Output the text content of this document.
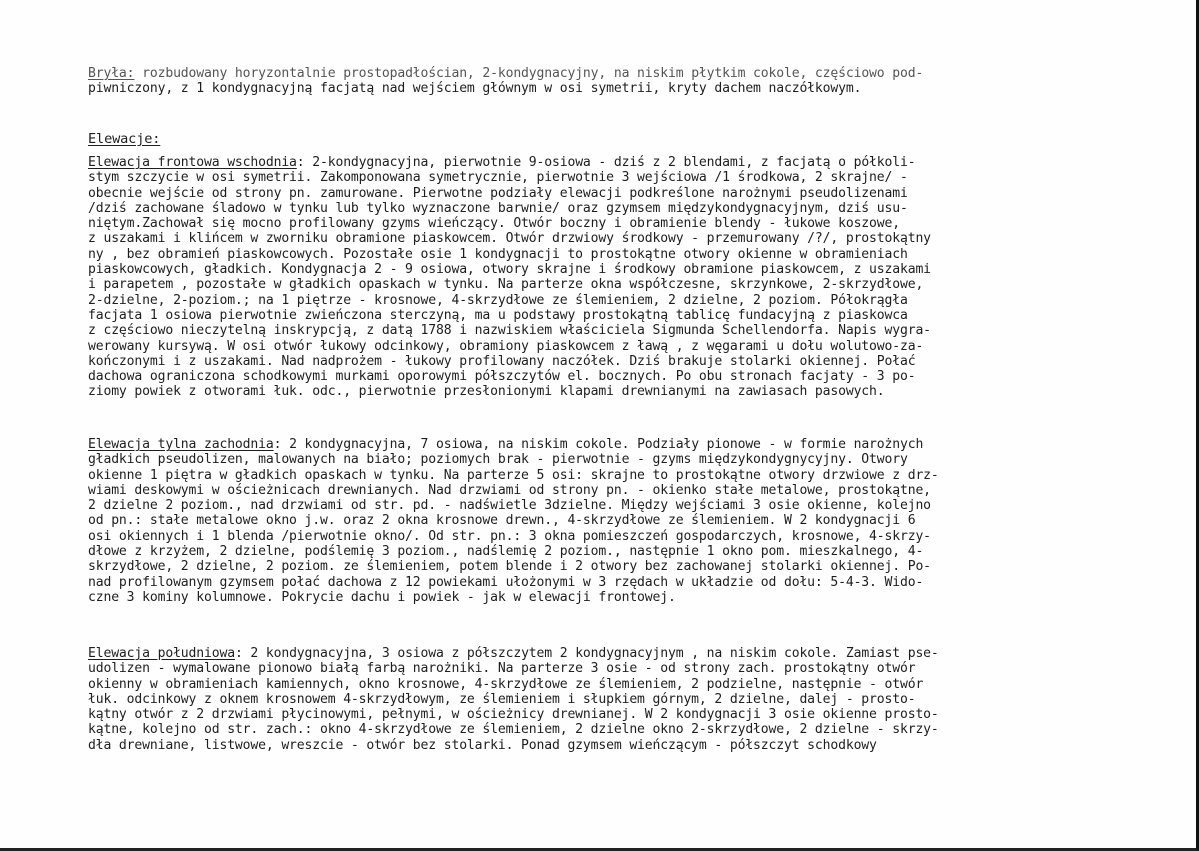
Bryła: rozbudowany horyzontalnie prostopadłościan, 2-kondygnacyjny, na niskim płytkim cokole, częściowo pod-
piwniczony, z 1 kondygnacyjną facjatą nad wejściem głównym w osi symetrii, kryty dachem naczółkowym.
Elewacje:
Elewacja frontowa wschodnia: 2-kondygnacyjna, pierwotnie 9-osiowa - dziś z 2 blendami, z facjatą o półkoli-
stym szczycie w osi symetrii. Zakomponowana symetrycznie, pierwotnie 3 wejściowa /1 środkowa, 2 skrajne/ -
obecnie wejście od strony pn. zamurowane. Pierwotne podziały elewacji podkreślone narożnymi pseudolizenami
/dziś zachowane śladowo w tynku lub tylko wyznaczone barwnie/ oraz gzymsem międzykondygnacyjnym, dziś usu-
niętym.Zachował się mocno profilowany gzyms wieńczący. Otwór boczny i obramienie blendy - łukowe koszowe,
z uszakami i klińcem w zworniku obramione piaskowcem. Otwór drzwiowy środkowy - przemurowany /?/, prostokątny
ny , bez obramień piaskowcowych. Pozostałe osie 1 kondygnacji to prostokątne otwory okienne w obramieniach
piaskowcowych, gładkich. Kondygnacja 2 - 9 osiowa, otwory skrajne i środkowy obramione piaskowcem, z uszakami
i parapetem , pozostałe w gładkich opaskach w tynku. Na parterze okna współczesne, skrzynkowe, 2-skrzydłowe,
2-dzielne, 2-poziom.; na 1 piętrze - krosnowe, 4-skrzydłowe ze ślemieniem, 2 dzielne, 2 poziom. Półokrągła
facjata 1 osiowa pierwotnie zwieńczona sterczyną, ma u podstawy prostokątną tablicę fundacyjną z piaskowca
z częściowo nieczytelną inskrypcją, z datą 1788 i nazwiskiem właściciela Sigmunda Schellendorfa. Napis wygra-
werowany kursywą. W osi otwór łukowy odcinkowy, obramiony piaskowcem z ławą , z węgarami u dołu wolutowo-za-
kończonymi i z uszakami. Nad nadprożem - łukowy profilowany naczółek. Dziś brakuje stolarki okiennej. Połać
dachowa ograniczona schodkowymi murkami oporowymi półszczytów el. bocznych. Po obu stronach facjaty - 3 po-
ziomy powiek z otworami łuk. odc., pierwotnie przesłonionymi klapami drewnianymi na zawiasach pasowych.
Elewacja tylna zachodnia: 2 kondygnacyjna, 7 osiowa, na niskim cokole. Podziały pionowe - w formie narożnych
gładkich pseudolizen, malowanych na biało; poziomych brak - pierwotnie - gzyms międzykondygnycyjny. Otwory
okienne 1 piętra w gładkich opaskach w tynku. Na parterze 5 osi: skrajne to prostokątne otwory drzwiowe z drz-
wiami deskowymi w ościeżnicach drewnianych. Nad drzwiami od strony pn. - okienko stałe metalowe, prostokątne,
2 dzielne 2 poziom., nad drzwiami od str. pd. - nadświetle 3dzielne. Między wejściami 3 osie okienne, kolejno
od pn.: stałe metalowe okno j.w. oraz 2 okna krosnowe drewn., 4-skrzydłowe ze ślemieniem. W 2 kondygnacji 6
osi okiennych i 1 blenda /pierwotnie okno/. Od str. pn.: 3 okna pomieszczeń gospodarczych, krosnowe, 4-skrzy-
dłowe z krzyżem, 2 dzielne, podślemię 3 poziom., nadślemię 2 poziom., następnie 1 okno pom. mieszkalnego, 4-
skrzydłowe, 2 dzielne, 2 poziom. ze ślemieniem, potem blende i 2 otwory bez zachowanej stolarki okiennej. Po-
nad profilowanym gzymsem połać dachowa z 12 powiekami ułożonymi w 3 rzędach w układzie od dołu: 5-4-3. Wido-
czne 3 kominy kolumnowe. Pokrycie dachu i powiek - jak w elewacji frontowej.
Elewacja południowa: 2 kondygnacyjna, 3 osiowa z półszczytem 2 kondygnacyjnym , na niskim cokole. Zamiast pse-
udolizen - wymalowane pionowo białą farbą narożniki. Na parterze 3 osie - od strony zach. prostokątny otwór
okienny w obramieniach kamiennych, okno krosnowe, 4-skrzydłowe ze ślemieniem, 2 podzielne, następnie - otwór
łuk. odcinkowy z oknem krosnowem 4-skrzydłowym, ze ślemieniem i słupkiem górnym, 2 dzielne, dalej - prosto-
kątny otwór z 2 drzwiami płycinowymi, pełnymi, w ościeżnicy drewnianej. W 2 kondygnacji 3 osie okienne prosto-
kątne, kolejno od str. zach.: okno 4-skrzydłowe ze ślemieniem, 2 dzielne okno 2-skrzydłowe, 2 dzielne - skrzy-
dła drewniane, listwowe, wreszcie - otwór bez stolarki. Ponad gzymsem wieńczącym - półszczyt schodkowy
